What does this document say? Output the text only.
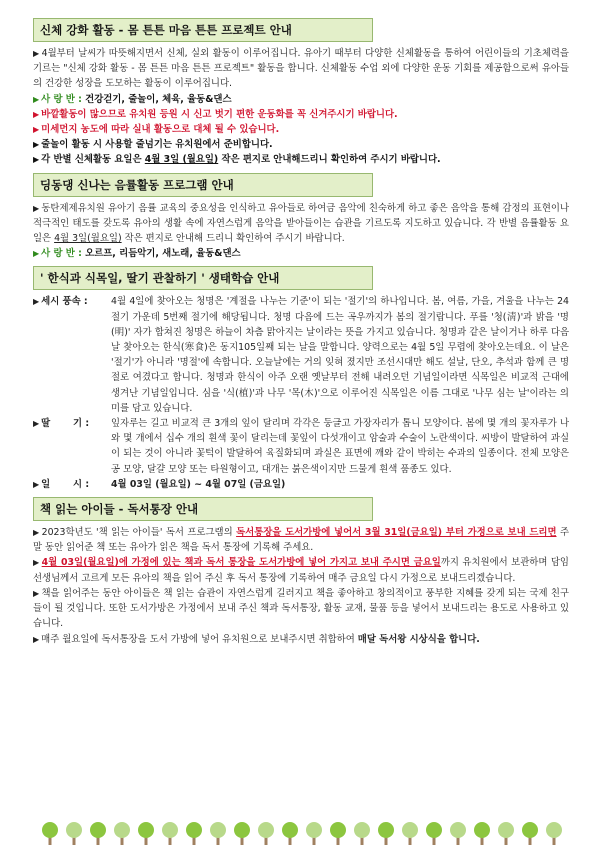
신체 강화 활동 - 몸 튼튼 마음 튼튼 프로젝트 안내

▶ 4월부터 날씨가 따뜻해지면서 신체, 실외 활동이 이루어집니다. 유아기 때부터 다양한 신체활동을 통하여 어린이들의 기초체력을 기르는 "신체 강화 활동 - 몸 튼튼 마음 튼튼 프로젝트" 활동을 합니다. 신체활동 수업 외에 다양한 운동 기회를 제공함으로써 유아들의 건강한 성장을 도모하는 활동이 이루어집니다.

▶ 사 랑 반 : 건강걷기, 줄놀이, 체육, 율동&댄스

▶ 바깥활동이 많으므로 유치원 등원 시 신고 벗기 편한 운동화를 꼭 신겨주시기 바랍니다.

▶ 미세먼지 농도에 따라 실내 활동으로 대체 될 수 있습니다.

▶ 줄놀이 활동 시 사용할 줄넘기는 유치원에서 준비합니다.

▶ 각 반별 신체활동 요일은 4월 3일 (월요일) 작은 편지로 안내해드리니 확인하여 주시기 바랍니다.

딩동댕 신나는 음률활동 프로그램 안내

▶ 동탄제제유치원 유아기 음률 교육의 중요성을 인식하고 유아들로 하여금 음악에 친숙하게 하고 좋은 음악을 통해 감정의 표현이나 적극적인 태도를 갖도록 유아의 생활 속에 자연스럽게 음악을 받아들이는 습관을 기르도록 지도하고 있습니다. 각 반별 음률활동 요일은 4월 3일(월요일) 작은 편지로 안내해 드리니 확인하여 주시기 바랍니다.

▶ 사 랑 반 : 오르프, 리듬악기, 새노래, 율동&댄스

' 한식과 식목일, 딸기 관찰하기 ' 생태학습 안내
▶ 세시 풍속 :	4월 4일에 찾아오는 청명은 '계절을 나누는 기준'이 되는 '절기'의 하나입니다. 봄, 여름, 가을, 겨울을 나누는 24절기 가운데 5번째 절기에 해당됩니다. 청명 다음에 드는 곡우까지가 봄의 절기랍니다. 푸를 '청(淸)'과 밝을 '명(明)' 자가 합쳐진 청명은 하늘이 차츰 맑아지는 날이라는 뜻을 가지고 있습니다. 청명과 같은 날이거나 하루 다음날 찾아오는 한식(寒食)은 동지105일째 되는 날을 말합니다. 양력으로는 4월 5일 무렵에 찾아오는데요. 이 날은 '절기'가 아니라 '명절'에 속합니다. 오늘날에는 거의 잊혀 졌지만 조선시대만 해도 설날, 단오, 추석과 함께 큰 명절로 여겼다고 합니다. 청명과 한식이 아주 오랜 옛날부터 전해 내려오던 기념일이라면 식목일은 비교적 근대에 생겨난 기념일입니다. 심을 '식(植)'과 나무 '목(木)'으로 이루어진 식목일은 이름 그대로 '나무 심는 날'이라는 의미를 담고 있습니다.
▶ 딸       기 :	잎자루는 길고 비교적 큰 3개의 잎이 달리며 각각은 둥글고 가장자리가 톱니 모양이다. 봄에 몇 개의 꽃자루가 나와 몇 개에서 십수 개의 흰색 꽃이 달리는데 꽃잎이 다섯개이고 암술과 수술이 노란색이다. 씨방이 발달하여 과실이 되는 것이 아니라 꽃턱이 발달하여 육질화되며 과실은 표면에 깨와 같이 박히는 수과의 일종이다. 전체 모양은 공 모양, 달걀 모양 또는 타원형이고, 대개는 붉은색이지만 드물게 흰색 품종도 있다.
▶ 일       시 :	4월 03일 (월요일) ~ 4월 07일 (금요일)
책 읽는 아이들 - 독서통장 안내

▶ 2023학년도 '책 읽는 아이들' 독서 프로그램의 독서통장을 도서가방에 넣어서 3월 31일(금요일) 부터 가정으로 보내 드리면 주말 동안 읽어준 책 또는 유아가 읽은 책을 독서 통장에 기록해 주세요.

▶ 4월 03일(월요일)에 가정에 있는 책과 독서 통장을 도서가방에 넣어 가지고 보내 주시면 금요일까지 유치원에서 보관하며 담임선생님께서 고르게 모든 유아의 책을 읽어 주신 후 독서 통장에 기록하여 매주 금요일 다시 가정으로 보내드리겠습니다.

▶ 책을 읽어주는 동안 아이들은 책 읽는 습관이 자연스럽게 길러지고 책을 좋아하고 창의적이고 풍부한 지혜를 갖게 되는 국제 친구들이 될 것입니다. 또한 도서가방은 가정에서 보내 주신 책과 독서통장, 활동 교재, 물품 등을 넣어서 보내드리는 용도로 사용하고 있습니다.

▶ 매주 월요일에 독서통장을 도서 가방에 넣어 유치원으로 보내주시면 취합하여 매달 독서왕 시상식을 합니다.
